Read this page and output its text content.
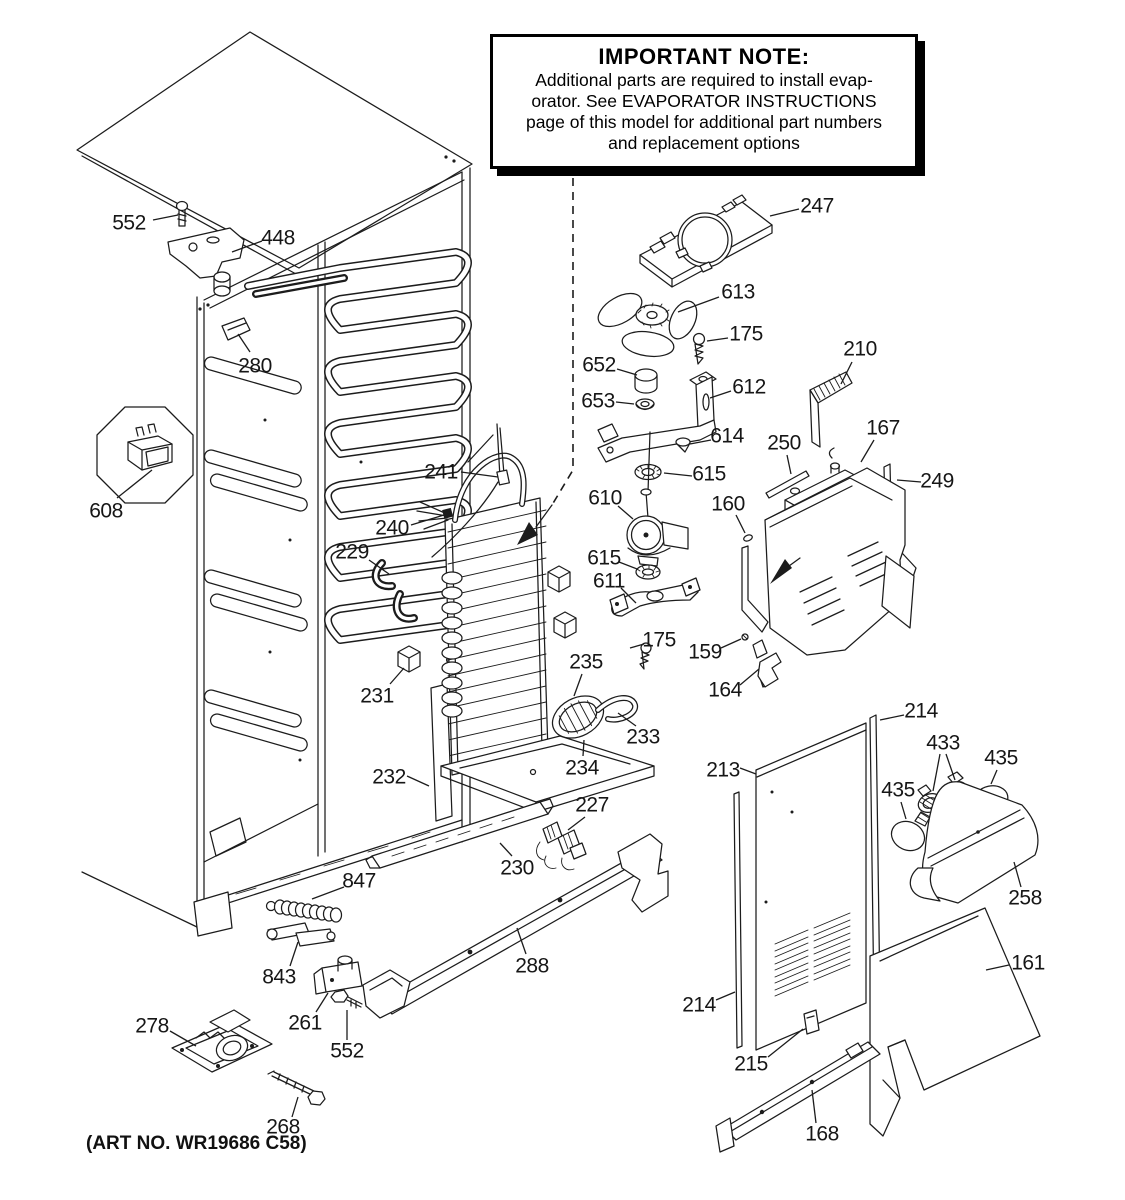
552
448
280
608
229
241
240
231
232
235
234
233
227
230
288
847
843
261
552
278
268
247
613
175
652
653
612
614
615
610
615
611
175
210
250
167
249
160
159
164
214
213
433
435
435
258
161
214
215
168
IMPORTANT NOTE:
Additional parts are required to install evap-
orator. See EVAPORATOR INSTRUCTIONS
page of this model for additional part numbers
and replacement options
(ART NO. WR19686 C58)
